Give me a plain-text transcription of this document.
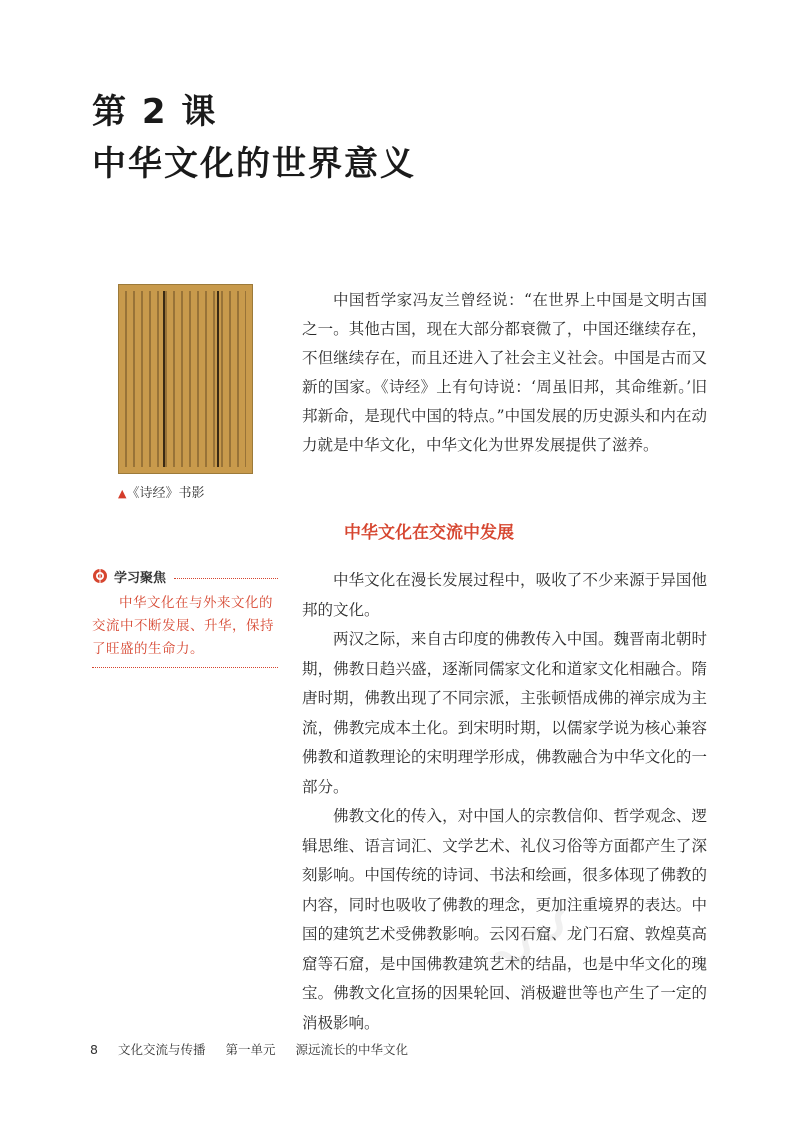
第 2 课
中华文化的世界意义
▲《诗经》书影

中国哲学家冯友兰曾经说：“在世界上中国是文明古国之一。其他古国，现在大部分都衰微了，中国还继续存在，不但继续存在，而且还进入了社会主义社会。中国是古而又新的国家。《诗经》上有句诗说：‘周虽旧邦，其命维新。’旧邦新命，是现代中国的特点。”中国发展的历史源头和内在动力就是中华文化，中华文化为世界发展提供了滋养。

中华文化在交流中发展
学习聚焦

中华文化在与外来文化的交流中不断发展、升华，保持了旺盛的生命力。

中华文化在漫长发展过程中，吸收了不少来源于异国他邦的文化。

两汉之际，来自古印度的佛教传入中国。魏晋南北朝时期，佛教日趋兴盛，逐渐同儒家文化和道家文化相融合。隋唐时期，佛教出现了不同宗派，主张顿悟成佛的禅宗成为主流，佛教完成本土化。到宋明时期，以儒家学说为核心兼容佛教和道教理论的宋明理学形成，佛教融合为中华文化的一部分。

佛教文化的传入，对中国人的宗教信仰、哲学观念、逻辑思维、语言词汇、文学艺术、礼仪习俗等方面都产生了深刻影响。中国传统的诗词、书法和绘画，很多体现了佛教的内容，同时也吸收了佛教的理念，更加注重境界的表达。中国的建筑艺术受佛教影响。云冈石窟、龙门石窟、敦煌莫高窟等石窟，是中国佛教建筑艺术的结晶，也是中华文化的瑰宝。佛教文化宣扬的因果轮回、消极避世等也产生了一定的消极影响。

〰
8 文化交流与传播 第一单元 源远流长的中华文化
